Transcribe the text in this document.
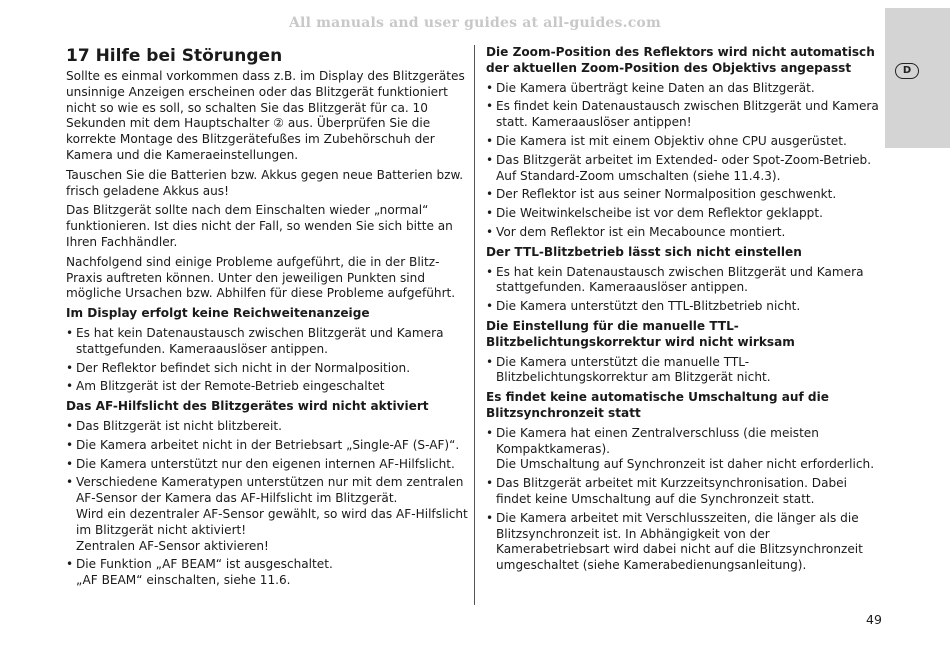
All manuals and user guides at all-guides.com
D
17 Hilfe bei Störungen

Sollte es einmal vorkommen dass z.B. im Display des Blitzgerätes unsinnige Anzeigen erscheinen oder das Blitzgerät funktioniert nicht so wie es soll, so schalten Sie das Blitzgerät für ca. 10 Sekunden mit dem Hauptschalter ② aus. Überprüfen Sie die korrekte Montage des Blitzgerätefußes im Zubehörschuh der Kamera und die Kameraeinstellungen.

Tauschen Sie die Batterien bzw. Akkus gegen neue Batterien bzw. frisch geladene Akkus aus!

Das Blitzgerät sollte nach dem Einschalten wieder „normal“ funktionieren. Ist dies nicht der Fall, so wenden Sie sich bitte an Ihren Fachhändler.

Nachfolgend sind einige Probleme aufgeführt, die in der Blitz-Praxis auftreten können. Unter den jeweiligen Punkten sind mögliche Ursachen bzw. Abhilfen für diese Probleme aufgeführt.

Im Display erfolgt keine Reichweitenanzeige
• Es hat kein Datenaustausch zwischen Blitzgerät und Kamera stattgefunden. Kameraauslöser antippen.
• Der Reflektor befindet sich nicht in der Normalposition.
• Am Blitzgerät ist der Remote-Betrieb eingeschaltet
Das AF-Hilfslicht des Blitzgerätes wird nicht aktiviert
• Das Blitzgerät ist nicht blitzbereit.
• Die Kamera arbeitet nicht in der Betriebsart „Single-AF (S-AF)“.
• Die Kamera unterstützt nur den eigenen internen AF-Hilfslicht.
• Verschiedene Kameratypen unterstützen nur mit dem zentralen AF-Sensor der Kamera das AF-Hilfslicht im Blitzgerät.
Wird ein dezentraler AF-Sensor gewählt, so wird das AF-Hilfslicht im Blitzgerät nicht aktiviert!
Zentralen AF-Sensor aktivieren!
• Die Funktion „AF BEAM“ ist ausgeschaltet.
„AF BEAM“ einschalten, siehe 11.6.
Die Zoom-Position des Reflektors wird nicht automatisch der aktuellen Zoom-Position des Objektivs angepasst
• Die Kamera überträgt keine Daten an das Blitzgerät.
• Es findet kein Datenaustausch zwischen Blitzgerät und Kamera statt. Kameraauslöser antippen!
• Die Kamera ist mit einem Objektiv ohne CPU ausgerüstet.
• Das Blitzgerät arbeitet im Extended- oder Spot-Zoom-Betrieb. Auf Standard-Zoom umschalten (siehe 11.4.3).
• Der Reflektor ist aus seiner Normalposition geschwenkt.
• Die Weitwinkelscheibe ist vor dem Reflektor geklappt.
• Vor dem Reflektor ist ein Mecabounce montiert.
Der TTL-Blitzbetrieb lässt sich nicht einstellen
• Es hat kein Datenaustausch zwischen Blitzgerät und Kamera stattgefunden. Kameraauslöser antippen.
• Die Kamera unterstützt den TTL-Blitzbetrieb nicht.
Die Einstellung für die manuelle TTL-Blitzbelichtungskorrektur wird nicht wirksam
• Die Kamera unterstützt die manuelle TTL-Blitzbelichtungskorrektur am Blitzgerät nicht.
Es findet keine automatische Umschaltung auf die Blitzsynchronzeit statt
• Die Kamera hat einen Zentralverschluss (die meisten Kompaktkameras).
Die Umschaltung auf Synchronzeit ist daher nicht erforderlich.
• Das Blitzgerät arbeitet mit Kurzzeitsynchronisation. Dabei findet keine Umschaltung auf die Synchronzeit statt.
• Die Kamera arbeitet mit Verschlusszeiten, die länger als die Blitzsynchronzeit ist. In Abhängigkeit von der Kamerabetriebsart wird dabei nicht auf die Blitzsynchronzeit umgeschaltet (siehe Kamerabedienungsanleitung).
49
